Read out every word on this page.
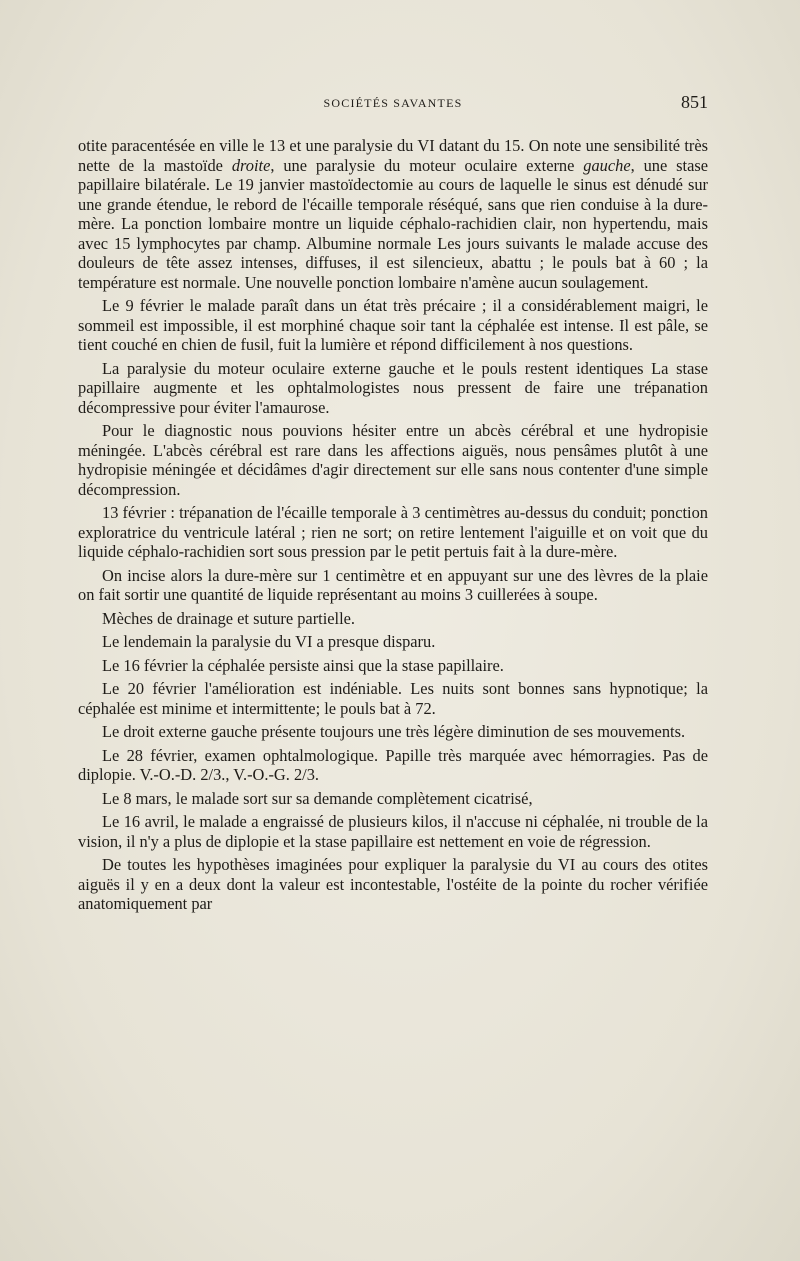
SOCIÉTÉS SAVANTES	851

otite paracentésée en ville le 13 et une paralysie du VI datant du 15. On note une sensibilité très nette de la mastoïde droite, une paralysie du moteur oculaire externe gauche, une stase papillaire bilatérale. Le 19 janvier mastoïdectomie au cours de laquelle le sinus est dénudé sur une grande étendue, le rebord de l'écaille temporale réséqué, sans que rien conduise à la dure-mère. La ponction lombaire montre un liquide céphalo-rachidien clair, non hypertendu, mais avec 15 lymphocytes par champ. Albumine normale Les jours suivants le malade accuse des douleurs de tête assez intenses, diffuses, il est silencieux, abattu ; le pouls bat à 60 ; la température est normale. Une nouvelle ponction lombaire n'amène aucun soulagement.

Le 9 février le malade paraît dans un état très précaire ; il a considérablement maigri, le sommeil est impossible, il est morphiné chaque soir tant la céphalée est intense. Il est pâle, se tient couché en chien de fusil, fuit la lumière et répond difficilement à nos questions.

La paralysie du moteur oculaire externe gauche et le pouls restent identiques La stase papillaire augmente et les ophtalmologistes nous pressent de faire une trépanation décompressive pour éviter l'amaurose.

Pour le diagnostic nous pouvions hésiter entre un abcès cérébral et une hydropisie méningée. L'abcès cérébral est rare dans les affections aiguës, nous pensâmes plutôt à une hydropisie méningée et décidâmes d'agir directement sur elle sans nous contenter d'une simple décompression.

13 février : trépanation de l'écaille temporale à 3 centimètres au-dessus du conduit; ponction exploratrice du ventricule latéral ; rien ne sort; on retire lentement l'aiguille et on voit que du liquide céphalo-rachidien sort sous pression par le petit pertuis fait à la dure-mère.

On incise alors la dure-mère sur 1 centimètre et en appuyant sur une des lèvres de la plaie on fait sortir une quantité de liquide représentant au moins 3 cuillerées à soupe.

Mèches de drainage et suture partielle.

Le lendemain la paralysie du VI a presque disparu.

Le 16 février la céphalée persiste ainsi que la stase papillaire.

Le 20 février l'amélioration est indéniable. Les nuits sont bonnes sans hypnotique; la céphalée est minime et intermittente; le pouls bat à 72.

Le droit externe gauche présente toujours une très légère diminution de ses mouvements.

Le 28 février, examen ophtalmologique. Papille très marquée avec hémorragies. Pas de diplopie. V.-O.-D. 2/3., V.-O.-G. 2/3.

Le 8 mars, le malade sort sur sa demande complètement cicatrisé,

Le 16 avril, le malade a engraissé de plusieurs kilos, il n'accuse ni céphalée, ni trouble de la vision, il n'y a plus de diplopie et la stase papillaire est nettement en voie de régression.

De toutes les hypothèses imaginées pour expliquer la paralysie du VI au cours des otites aiguës il y en a deux dont la valeur est incontestable, l'ostéite de la pointe du rocher vérifiée anatomiquement par
